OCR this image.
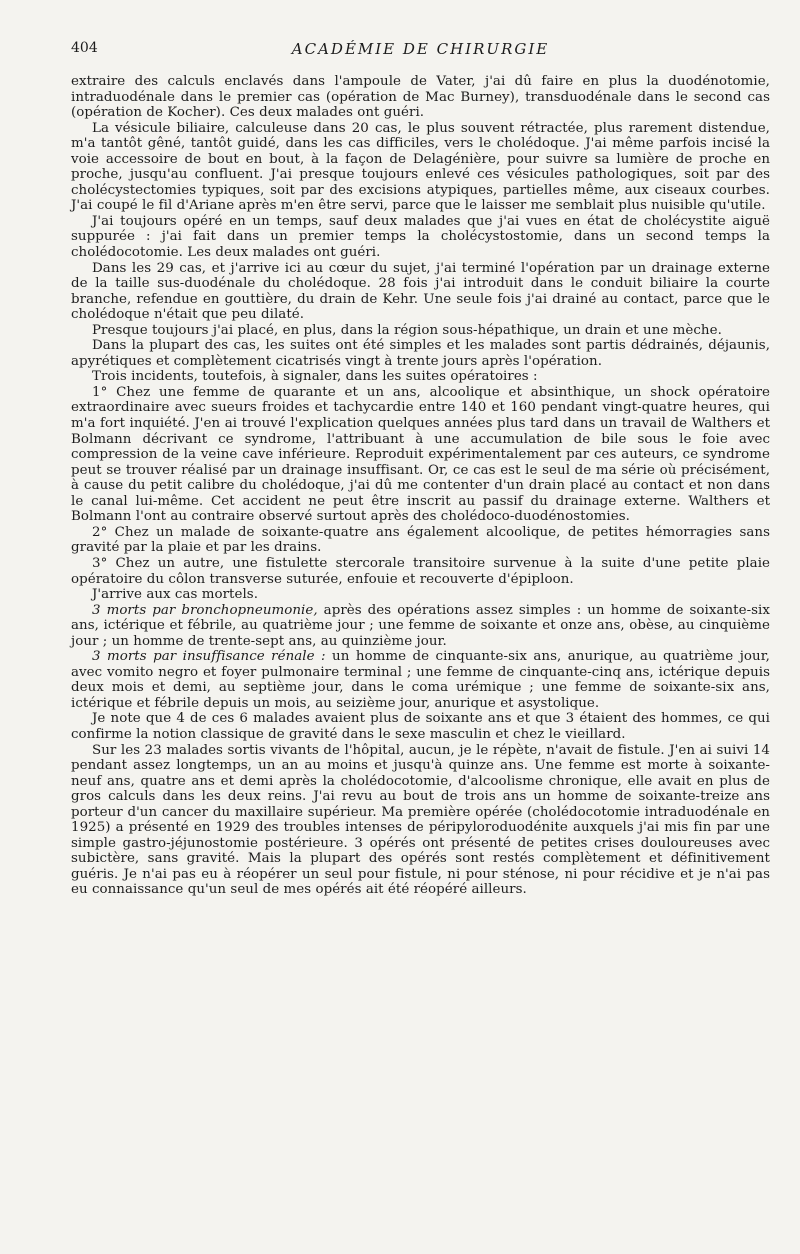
404	ACADÉMIE DE CHIRURGIE

extraire des calculs enclavés dans l'ampoule de Vater, j'ai dû faire en plus la duodénotomie, intraduodénale dans le premier cas (opération de Mac Burney), transduodénale dans le second cas (opération de Kocher). Ces deux malades ont guéri.

La vésicule biliaire, calculeuse dans 20 cas, le plus souvent rétractée, plus rarement distendue, m'a tantôt gêné, tantôt guidé, dans les cas difficiles, vers le cholédoque. J'ai même parfois incisé la voie accessoire de bout en bout, à la façon de Delagénière, pour suivre sa lumière de proche en proche, jusqu'au confluent. J'ai presque toujours enlevé ces vésicules pathologiques, soit par des cholécystectomies typiques, soit par des excisions atypiques, partielles même, aux ciseaux courbes. J'ai coupé le fil d'Ariane après m'en être servi, parce que le laisser me semblait plus nuisible qu'utile.

J'ai toujours opéré en un temps, sauf deux malades que j'ai vues en état de cholécystite aiguë suppurée : j'ai fait dans un premier temps la cholécystostomie, dans un second temps la cholédocotomie. Les deux malades ont guéri.

Dans les 29 cas, et j'arrive ici au cœur du sujet, j'ai terminé l'opération par un drainage externe de la taille sus-duodénale du cholédoque. 28 fois j'ai introduit dans le conduit biliaire la courte branche, refendue en gouttière, du drain de Kehr. Une seule fois j'ai drainé au contact, parce que le cholédoque n'était que peu dilaté.

Presque toujours j'ai placé, en plus, dans la région sous-hépathique, un drain et une mèche.

Dans la plupart des cas, les suites ont été simples et les malades sont partis dédrainés, déjaunis, apyrétiques et complètement cicatrisés vingt à trente jours après l'opération.

Trois incidents, toutefois, à signaler, dans les suites opératoires :

1° Chez une femme de quarante et un ans, alcoolique et absinthique, un shock opératoire extraordinaire avec sueurs froides et tachycardie entre 140 et 160 pendant vingt-quatre heures, qui m'a fort inquiété. J'en ai trouvé l'explication quelques années plus tard dans un travail de Walthers et Bolmann décrivant ce syndrome, l'attribuant à une accumulation de bile sous le foie avec compression de la veine cave inférieure. Reproduit expérimentalement par ces auteurs, ce syndrome peut se trouver réalisé par un drainage insuffisant. Or, ce cas est le seul de ma série où précisément, à cause du petit calibre du cholédoque, j'ai dû me contenter d'un drain placé au contact et non dans le canal lui-même. Cet accident ne peut être inscrit au passif du drainage externe. Walthers et Bolmann l'ont au contraire observé surtout après des cholédoco-duodénostomies.

2° Chez un malade de soixante-quatre ans également alcoolique, de petites hémorragies sans gravité par la plaie et par les drains.

3° Chez un autre, une fistulette stercorale transitoire survenue à la suite d'une petite plaie opératoire du côlon transverse suturée, enfouie et recouverte d'épiploon.

J'arrive aux cas mortels.

3 morts par bronchopneumonie, après des opérations assez simples : un homme de soixante-six ans, ictérique et fébrile, au quatrième jour ; une femme de soixante et onze ans, obèse, au cinquième jour ; un homme de trente-sept ans, au quinzième jour.

3 morts par insuffisance rénale : un homme de cinquante-six ans, anurique, au quatrième jour, avec vomito negro et foyer pulmonaire terminal ; une femme de cinquante-cinq ans, ictérique depuis deux mois et demi, au septième jour, dans le coma urémique ; une femme de soixante-six ans, ictérique et fébrile depuis un mois, au seizième jour, anurique et asystolique.

Je note que 4 de ces 6 malades avaient plus de soixante ans et que 3 étaient des hommes, ce qui confirme la notion classique de gravité dans le sexe masculin et chez le vieillard.

Sur les 23 malades sortis vivants de l'hôpital, aucun, je le répète, n'avait de fistule. J'en ai suivi 14 pendant assez longtemps, un an au moins et jusqu'à quinze ans. Une femme est morte à soixante-neuf ans, quatre ans et demi après la cholédocotomie, d'alcoolisme chronique, elle avait en plus de gros calculs dans les deux reins. J'ai revu au bout de trois ans un homme de soixante-treize ans porteur d'un cancer du maxillaire supérieur. Ma première opérée (cholédocotomie intraduodénale en 1925) a présenté en 1929 des troubles intenses de péripyloroduodénite auxquels j'ai mis fin par une simple gastro-jéjunostomie postérieure. 3 opérés ont présenté de petites crises douloureuses avec subictère, sans gravité. Mais la plupart des opérés sont restés complètement et définitivement guéris. Je n'ai pas eu à réopérer un seul pour fistule, ni pour sténose, ni pour récidive et je n'ai pas eu connaissance qu'un seul de mes opérés ait été réopéré ailleurs.
